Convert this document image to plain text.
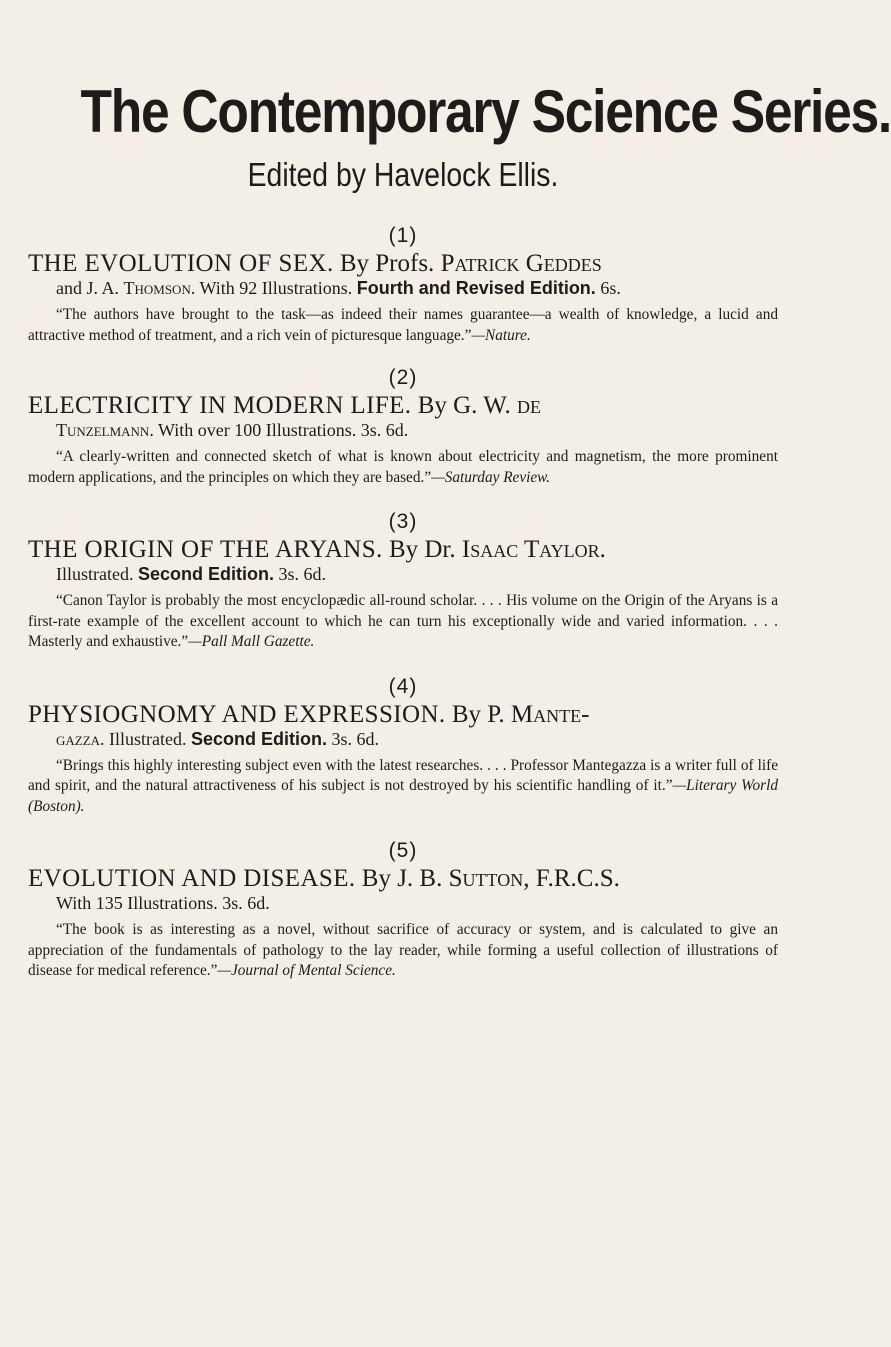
The Contemporary Science Series.

Edited by Havelock Ellis.

(1)

THE EVOLUTION OF SEX. By Profs. Patrick Geddes

and J. A. Thomson. With 92 Illustrations. Fourth and Revised Edition. 6s.

“The authors have brought to the task—as indeed their names guarantee—a wealth of knowledge, a lucid and attractive method of treatment, and a rich vein of picturesque language.”—Nature.

(2)

ELECTRICITY IN MODERN LIFE. By G. W. de

Tunzelmann. With over 100 Illustrations. 3s. 6d.

“A clearly-written and connected sketch of what is known about electricity and magnetism, the more prominent modern applications, and the principles on which they are based.”—Saturday Review.

(3)

THE ORIGIN OF THE ARYANS. By Dr. Isaac Taylor.

Illustrated. Second Edition. 3s. 6d.

“Canon Taylor is probably the most encyclopædic all-round scholar. . . . His volume on the Origin of the Aryans is a first-rate example of the excellent account to which he can turn his exceptionally wide and varied information. . . . Masterly and exhaustive.”—Pall Mall Gazette.

(4)

PHYSIOGNOMY AND EXPRESSION. By P. Mante-

gazza. Illustrated. Second Edition. 3s. 6d.

“Brings this highly interesting subject even with the latest researches. . . . Professor Mantegazza is a writer full of life and spirit, and the natural attractiveness of his subject is not destroyed by his scientific handling of it.”—Literary World (Boston).

(5)

EVOLUTION AND DISEASE. By J. B. Sutton, F.R.C.S.

With 135 Illustrations. 3s. 6d.

“The book is as interesting as a novel, without sacrifice of accuracy or system, and is calculated to give an appreciation of the fundamentals of pathology to the lay reader, while forming a useful collection of illustrations of disease for medical reference.”—Journal of Mental Science.
